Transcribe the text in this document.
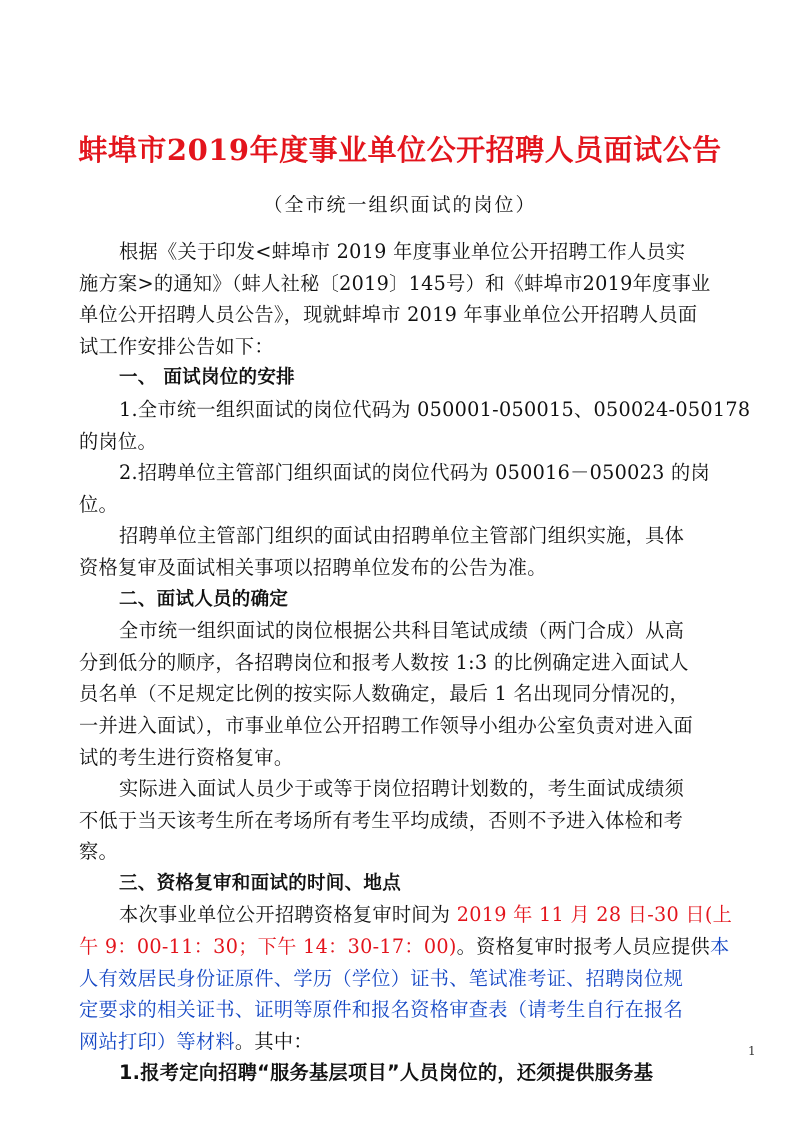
蚌埠市2019年度事业单位公开招聘人员面试公告
（全市统一组织面试的岗位）
根据《关于印发<蚌埠市 2019 年度事业单位公开招聘工作人员实
施方案>的通知》（蚌人社秘〔2019〕145号）和《蚌埠市2019年度事业
单位公开招聘人员公告》，现就蚌埠市 2019 年事业单位公开招聘人员面
试工作安排公告如下：
一、 面试岗位的安排
1.全市统一组织面试的岗位代码为 050001-050015、050024-050178
的岗位。
2.招聘单位主管部门组织面试的岗位代码为 050016－050023 的岗
位。
招聘单位主管部门组织的面试由招聘单位主管部门组织实施，具体
资格复审及面试相关事项以招聘单位发布的公告为准。
二、面试人员的确定
全市统一组织面试的岗位根据公共科目笔试成绩（两门合成）从高
分到低分的顺序，各招聘岗位和报考人数按 1:3 的比例确定进入面试人
员名单（不足规定比例的按实际人数确定，最后 1 名出现同分情况的，
一并进入面试），市事业单位公开招聘工作领导小组办公室负责对进入面
试的考生进行资格复审。
实际进入面试人员少于或等于岗位招聘计划数的，考生面试成绩须
不低于当天该考生所在考场所有考生平均成绩，否则不予进入体检和考
察。
三、资格复审和面试的时间、地点
本次事业单位公开招聘资格复审时间为 2019 年 11 月 28 日-30 日(上
午 9：00-11：30；下午 14：30-17：00)。资格复审时报考人员应提供本
人有效居民身份证原件、学历（学位）证书、笔试准考证、招聘岗位规
定要求的相关证书、证明等原件和报名资格审查表（请考生自行在报名
网站打印）等材料。其中：
1.报考定向招聘“服务基层项目”人员岗位的，还须提供服务基
1
